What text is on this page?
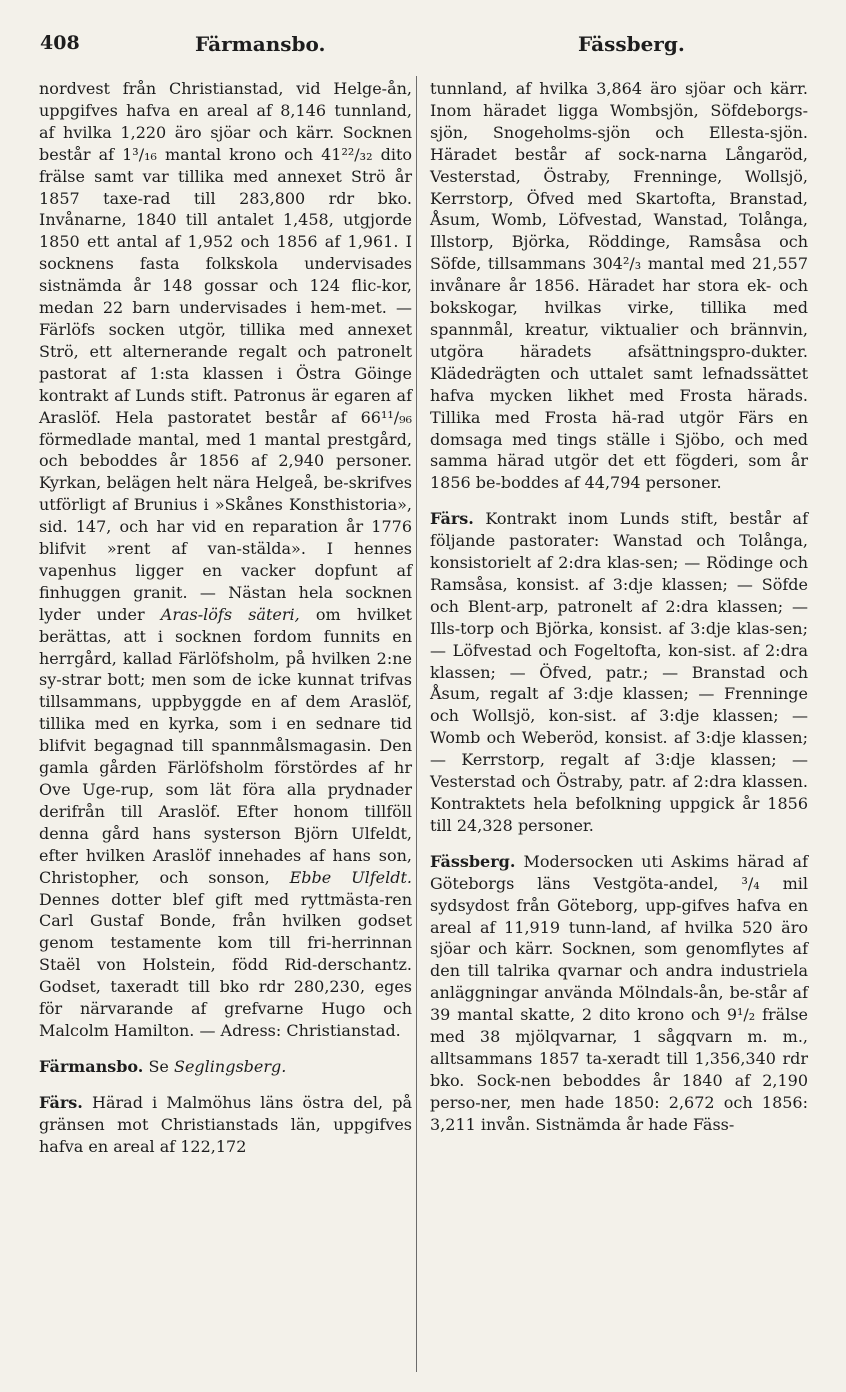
408	Färmansbo.	Fässberg.

nordvest från Christianstad, vid Helge-ån, uppgifves hafva en areal af 8,146 tunnland, af hvilka 1,220 äro sjöar och kärr. Socknen består af 1³/₁₆ mantal krono och 41²²/₃₂ dito frälse samt var tillika med annexet Strö år 1857 taxe-rad till 283,800 rdr bko. Invånarne, 1840 till antalet 1,458, utgjorde 1850 ett antal af 1,952 och 1856 af 1,961. I socknens fasta folkskola undervisades sistnämda år 148 gossar och 124 flic-kor, medan 22 barn undervisades i hem-met. — Färlöfs socken utgör, tillika med annexet Strö, ett alternerande regalt och patronelt pastorat af 1:sta klassen i Östra Göinge kontrakt af Lunds stift. Patronus är egaren af Araslöf. Hela pastoratet består af 66¹¹/₉₆ förmedlade mantal, med 1 mantal prestgård, och beboddes år 1856 af 2,940 personer. Kyrkan, belägen helt nära Helgeå, be-skrifves utförligt af Brunius i »Skånes Konsthistoria», sid. 147, och har vid en reparation år 1776 blifvit »rent af van-stälda». I hennes vapenhus ligger en vacker dopfunt af finhuggen granit. — Nästan hela socknen lyder under Aras-löfs säteri, om hvilket berättas, att i socknen fordom funnits en herrgård, kallad Färlöfsholm, på hvilken 2:ne sy-strar bott; men som de icke kunnat trifvas tillsammans, uppbyggde en af dem Araslöf, tillika med en kyrka, som i en sednare tid blifvit begagnad till spannmålsmagasin. Den gamla gården Färlöfsholm förstördes af hr Ove Uge-rup, som lät föra alla prydnader derifrån till Araslöf. Efter honom tillföll denna gård hans systerson Björn Ulfeldt, efter hvilken Araslöf innehades af hans son, Christopher, och sonson, Ebbe Ulfeldt. Dennes dotter blef gift med ryttmästa-ren Carl Gustaf Bonde, från hvilken godset genom testamente kom till fri-herrinnan Staël von Holstein, född Rid-derschantz. Godset, taxeradt till bko rdr 280,230, eges för närvarande af grefvarne Hugo och Malcolm Hamilton. — Adress: Christianstad.

Färmansbo. Se Seglingsberg.

Färs. Härad i Malmöhus läns östra del, på gränsen mot Christianstads län, uppgifves hafva en areal af 122,172

tunnland, af hvilka 3,864 äro sjöar och kärr. Inom häradet ligga Wombsjön, Söfdeborgs-sjön, Snogeholms-sjön och Ellesta-sjön. Häradet består af sock-narna Långaröd, Vesterstad, Östraby, Frenninge, Wollsjö, Kerrstorp, Öfved med Skartofta, Branstad, Åsum, Womb, Löfvestad, Wanstad, Tolånga, Illstorp, Björka, Röddinge, Ramsåsa och Söfde, tillsammans 304²/₃ mantal med 21,557 invånare år 1856. Häradet har stora ek- och bokskogar, hvilkas virke, tillika med spannmål, kreatur, viktualier och brännvin, utgöra häradets afsättningspro-dukter. Klädedrägten och uttalet samt lefnadssättet hafva mycken likhet med Frosta härads. Tillika med Frosta hä-rad utgör Färs en domsaga med tings ställe i Sjöbo, och med samma härad utgör det ett fögderi, som år 1856 be-boddes af 44,794 personer.

Färs. Kontrakt inom Lunds stift, består af följande pastorater: Wanstad och Tolånga, konsistorielt af 2:dra klas-sen; — Rödinge och Ramsåsa, konsist. af 3:dje klassen; — Söfde och Blent-arp, patronelt af 2:dra klassen; — Ills-torp och Björka, konsist. af 3:dje klas-sen; — Löfvestad och Fogeltofta, kon-sist. af 2:dra klassen; — Öfved, patr.; — Branstad och Åsum, regalt af 3:dje klassen; — Frenninge och Wollsjö, kon-sist. af 3:dje klassen; — Womb och Weberöd, konsist. af 3:dje klassen; — Kerrstorp, regalt af 3:dje klassen; — Vesterstad och Östraby, patr. af 2:dra klassen. Kontraktets hela befolkning uppgick år 1856 till 24,328 personer.

Fässberg. Modersocken uti Askims härad af Göteborgs läns Vestgöta-andel, ³/₄ mil sydsydost från Göteborg, upp-gifves hafva en areal af 11,919 tunn-land, af hvilka 520 äro sjöar och kärr. Socknen, som genomflytes af den till talrika qvarnar och andra industriela anläggningar använda Mölndals-ån, be-står af 39 mantal skatte, 2 dito krono och 9¹/₂ frälse med 38 mjölqvarnar, 1 sågqvarn m. m., alltsammans 1857 ta-xeradt till 1,356,340 rdr bko. Sock-nen beboddes år 1840 af 2,190 perso-ner, men hade 1850: 2,672 och 1856: 3,211 invån. Sistnämda år hade Fäss-
